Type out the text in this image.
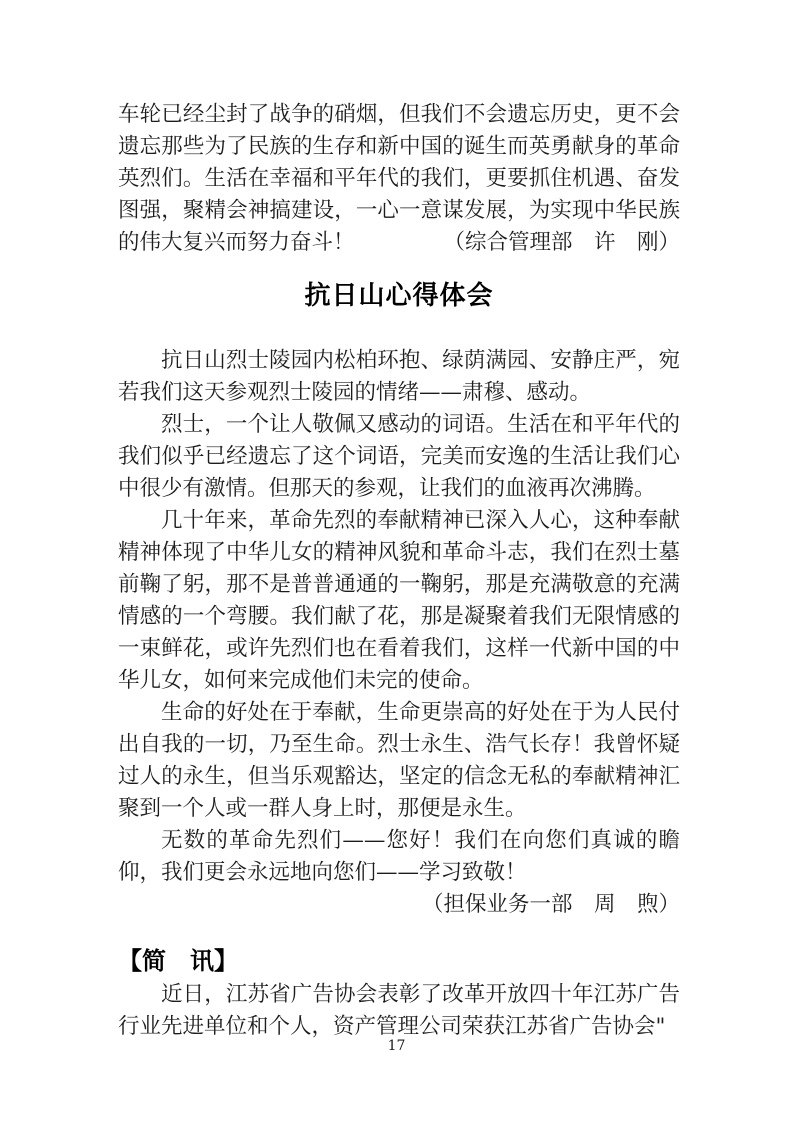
车轮已经尘封了战争的硝烟，但我们不会遗忘历史，更不会遗忘那些为了民族的生存和新中国的诞生而英勇献身的革命英烈们。生活在幸福和平年代的我们，更要抓住机遇、奋发图强，聚精会神搞建设，一心一意谋发展，为实现中华民族的伟大复兴而努力奋斗！	（综合管理部　许　刚）

抗日山心得体会

抗日山烈士陵园内松柏环抱、绿荫满园、安静庄严，宛若我们这天参观烈士陵园的情绪——肃穆、感动。

烈士，一个让人敬佩又感动的词语。生活在和平年代的我们似乎已经遗忘了这个词语，完美而安逸的生活让我们心中很少有激情。但那天的参观，让我们的血液再次沸腾。

几十年来，革命先烈的奉献精神已深入人心，这种奉献精神体现了中华儿女的精神风貌和革命斗志，我们在烈士墓前鞠了躬，那不是普普通通的一鞠躬，那是充满敬意的充满情感的一个弯腰。我们献了花，那是凝聚着我们无限情感的一束鲜花，或许先烈们也在看着我们，这样一代新中国的中华儿女，如何来完成他们未完的使命。

生命的好处在于奉献，生命更崇高的好处在于为人民付出自我的一切，乃至生命。烈士永生、浩气长存！我曾怀疑过人的永生，但当乐观豁达，坚定的信念无私的奉献精神汇聚到一个人或一群人身上时，那便是永生。

无数的革命先烈们——您好！我们在向您们真诚的瞻仰，我们更会永远地向您们——学习致敬！

（担保业务一部　周　煦）

【简　讯】

近日，江苏省广告协会表彰了改革开放四十年江苏广告行业先进单位和个人，资产管理公司荣获江苏省广告协会"

17
